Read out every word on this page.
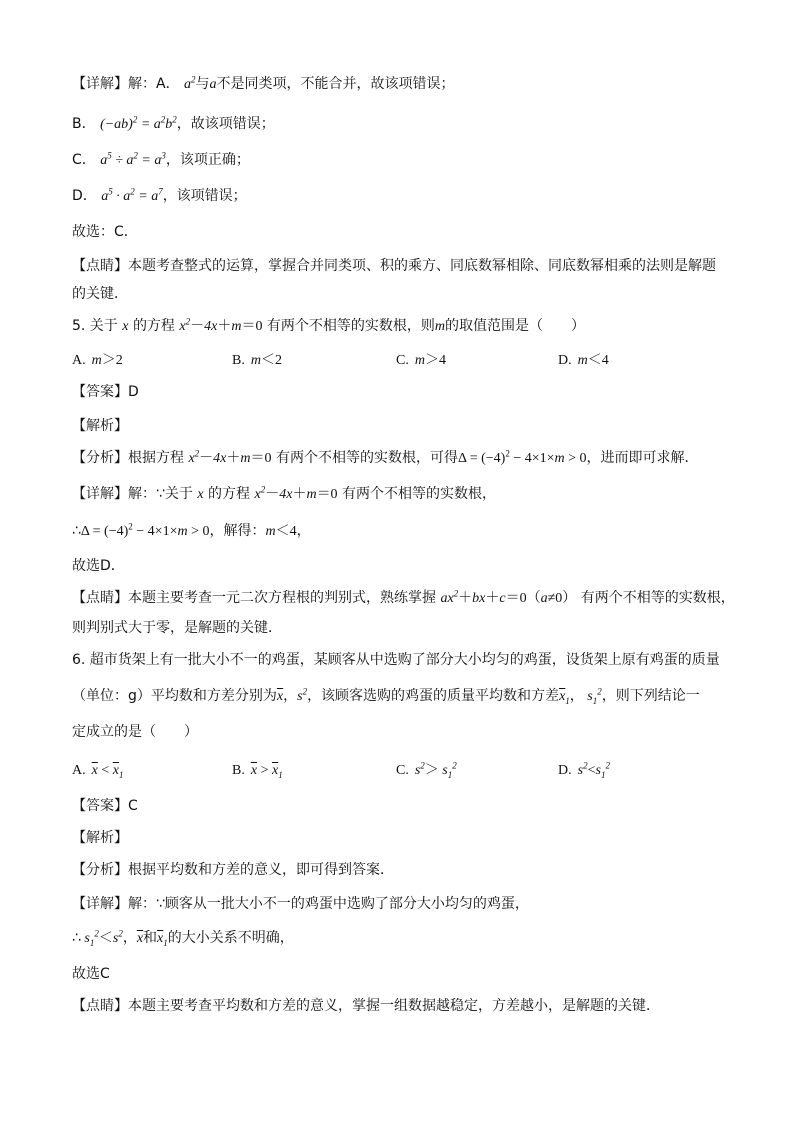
【详解】解：A． $a^2$与a不是同类项，不能合并，故该项错误；
B． $(-ab)^2 = a^2b^2$，故该项错误；
C． $a^5 \div a^2 = a^3$，该项正确；
D． $a^5 \cdot a^2 = a^7$，该项错误；
故选：C．
【点睛】本题考查整式的运算，掌握合并同类项、积的乘方、同底数幂相除、同底数幂相乘的法则是解题
的关键．
5. 关于 x 的方程 $x^2-4x+m=0$ 有两个不相等的实数根，则m的取值范围是（　　）
A. m＞2	B. m＜2	C. m＞4	D. m＜4
【答案】D
【解析】
【分析】根据方程 $x^2-4x+m=0$ 有两个不相等的实数根，可得$\Delta = (-4)^2 - 4\times 1\times m > 0$，进而即可求解．
【详解】解：∵关于 x 的方程 $x^2-4x+m=0$ 有两个不相等的实数根，
∴Δ = $(-4)^2 - 4\times 1\times m > 0$，解得：m＜4，
故选D．
【点睛】本题主要考查一元二次方程根的判别式，熟练掌握 $ax^2+bx+c=0(a\ne 0)$ 有两个不相等的实数根，
则判别式大于零，是解题的关键．
6. 超市货架上有一批大小不一的鸡蛋，某顾客从中选购了部分大小均匀的鸡蛋，设货架上原有鸡蛋的质量
（单位：g）平均数和方差分别为$\overline{x}$，$s^2$，该顾客选购的鸡蛋的质量平均数和方差$\overline{x}_1$， $s_1^2$，则下列结论一
定成立的是（　　）
A. $\overline{x} < \overline{x}_1$	B. $\overline{x} > \overline{x}_1$	C. $s^2> s_1^2$	D. $s^2<s_1^2$
【答案】C
【解析】
【分析】根据平均数和方差的意义，即可得到答案．
【详解】解：∵顾客从一批大小不一的鸡蛋中选购了部分大小均匀的鸡蛋，
∴ $s_1^2<s^2$，$\overline{x}$和$\overline{x}_1$的大小关系不明确，
故选C
【点睛】本题主要考查平均数和方差的意义，掌握一组数据越稳定，方差越小，是解题的关键．
